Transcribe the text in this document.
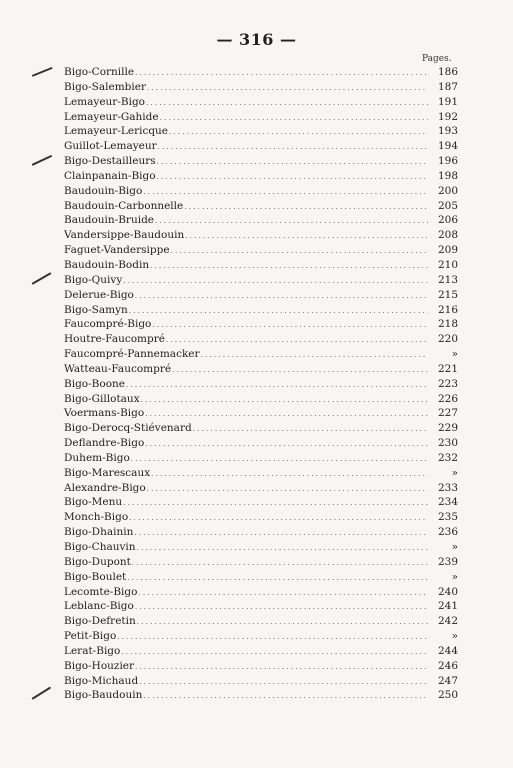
— 316 —
Pages.
Bigo-Cornille . . .	186
Bigo-Salembier . . .	187
Lemayeur-Bigo . . .	191
Lemayeur-Gahide . . .	192
Lemayeur-Lericque . . .	193
Guillot-Lemayeur . . .	194
Bigo-Destailleurs . . .	196
Clainpanain-Bigo . . .	198
Baudouin-Bigo . . .	200
Baudouin-Carbonnelle . . .	205
Baudouin-Bruide . . .	206
Vandersippe-Baudouin . . .	208
Faguet-Vandersippe . . .	209
Baudouin-Bodin . . .	210
Bigo-Quivy . . .	213
Delerue-Bigo . . .	215
Bigo-Samyn . . .	216
Faucompré-Bigo . . .	218
Houtre-Faucompré . . .	220
Faucompré-Pannemacker . . .	»
Watteau-Faucompré . . .	221
Bigo-Boone . . .	223
Bigo-Gillotaux . . .	226
Voermans-Bigo . . .	227
Bigo-Derocq-Stiévenard . . .	229
Deflandre-Bigo . . .	230
Duhem-Bigo . . .	232
Bigo-Marescaux . . .	»
Alexandre-Bigo . . .	233
Bigo-Menu . . .	234
Monch-Bigo . . .	235
Bigo-Dhainin . . .	236
Bigo-Chauvin . . .	»
Bigo-Dupont . . .	239
Bigo-Boulet . . .	»
Lecomte-Bigo . . .	240
Leblanc-Bigo . . .	241
Bigo-Defretin . . .	242
Petit-Bigo . . .	»
Lerat-Bigo . . .	244
Bigo-Houzier . . .	246
Bigo-Michaud . . .	247
Bigo-Baudouin . . .	250
